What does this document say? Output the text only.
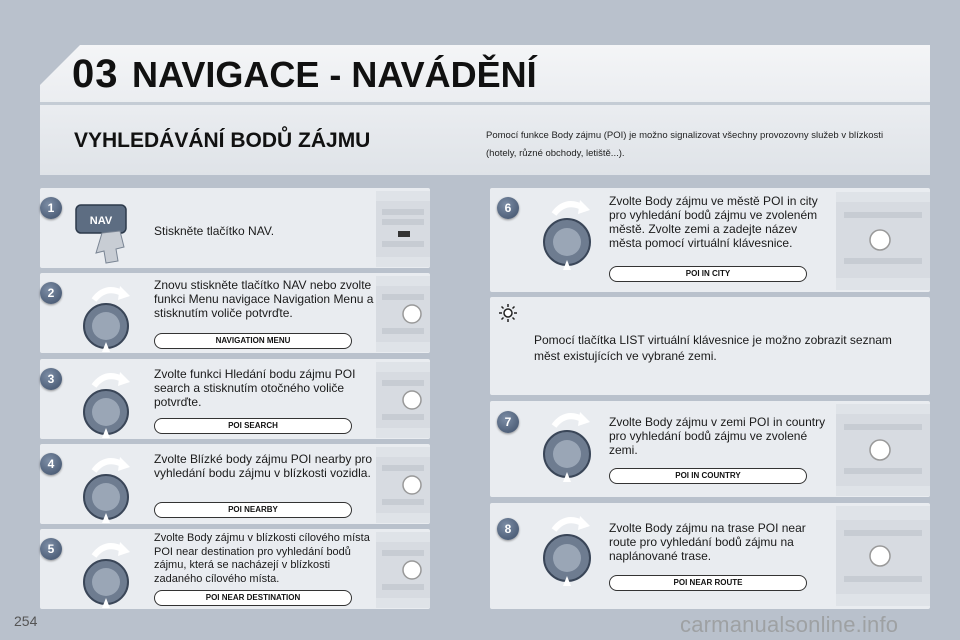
03 NAVIGACE - NAVÁDĚNÍ
VYHLEDÁVÁNÍ BODŮ ZÁJMU	Pomocí funkce Body zájmu (POI) je možno signalizovat všechny provozovny služeb v blízkosti (hotely, různé obchody, letiště...).
1
NAV
Stiskněte tlačítko NAV.
2
Znovu stiskněte tlačítko NAV nebo zvolte funkci Menu navigace Navigation Menu a stisknutím voliče potvrďte.
NAVIGATION MENU
3	Zvolte funkci Hledání bodu zájmu POI search a stisknutím otočného voliče potvrďte.
POI SEARCH
4	Zvolte Blízké body zájmu POI nearby pro vyhledání bodu zájmu v blízkosti vozidla.
POI NEARBY
5
Zvolte Body zájmu v blízkosti cílového místa POI near destination pro vyhledání bodů zájmu, která se nacházejí v blízkosti zadaného cílového místa.
POI NEAR DESTINATION
6	Zvolte Body zájmu ve městě POI in city pro vyhledání bodů zájmu ve zvoleném městě. Zvolte zemi a zadejte název města pomocí virtuální klávesnice.
POI IN CITY
Pomocí tlačítka LIST virtuální klávesnice je možno zobrazit seznam měst existujících ve vybrané zemi.
7	Zvolte Body zájmu v zemi POI in country pro vyhledání bodů zájmu ve zvolené zemi.
POI IN COUNTRY
8	Zvolte Body zájmu na trase POI near route pro vyhledání bodů zájmu na naplánované trase.
POI NEAR ROUTE
254	carmanualsonline.info
